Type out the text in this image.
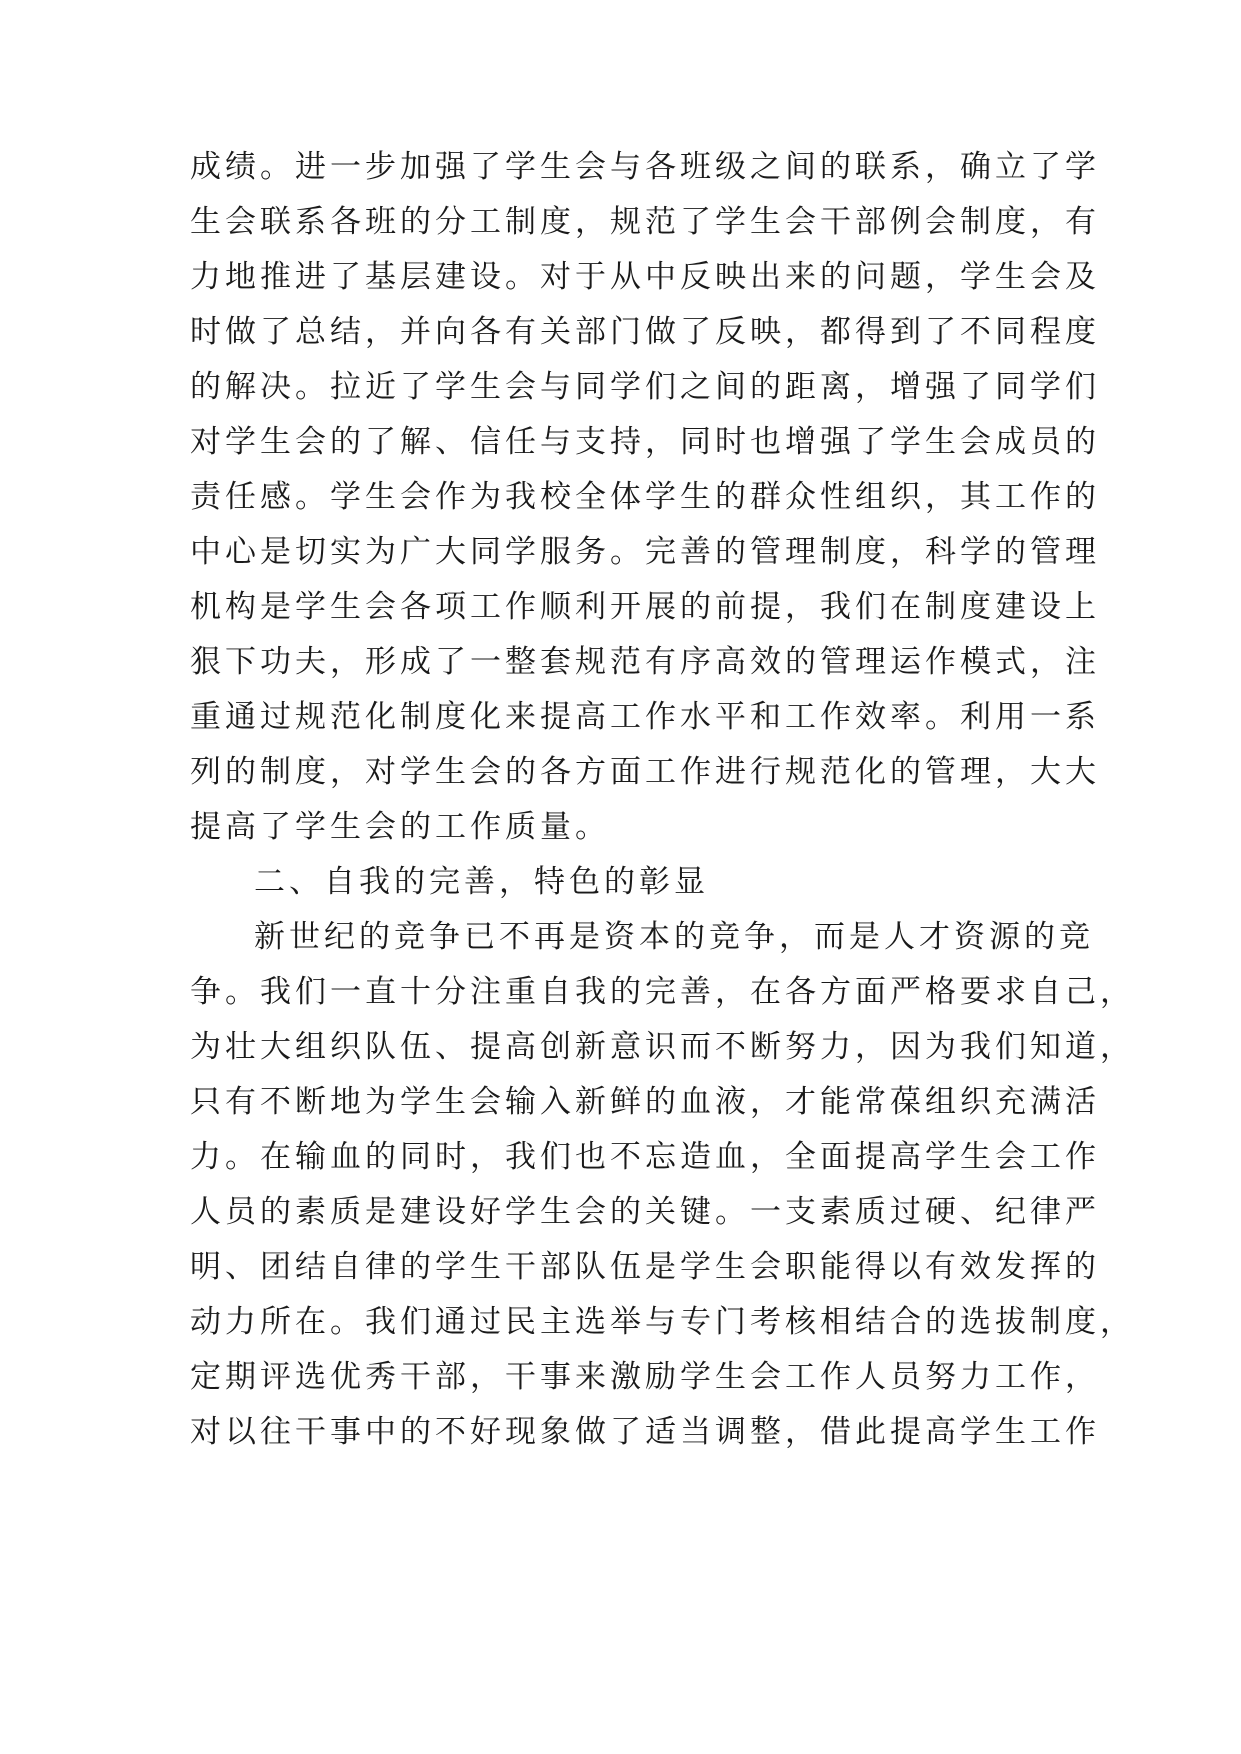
成绩。进一步加强了学生会与各班级之间的联系，确立了学
生会联系各班的分工制度，规范了学生会干部例会制度，有
力地推进了基层建设。对于从中反映出来的问题，学生会及
时做了总结，并向各有关部门做了反映，都得到了不同程度
的解决。拉近了学生会与同学们之间的距离，增强了同学们
对学生会的了解、信任与支持，同时也增强了学生会成员的
责任感。学生会作为我校全体学生的群众性组织，其工作的
中心是切实为广大同学服务。完善的管理制度，科学的管理
机构是学生会各项工作顺利开展的前提，我们在制度建设上
狠下功夫，形成了一整套规范有序高效的管理运作模式，注
重通过规范化制度化来提高工作水平和工作效率。利用一系
列的制度，对学生会的各方面工作进行规范化的管理，大大
提高了学生会的工作质量。
二、自我的完善，特色的彰显
新世纪的竞争已不再是资本的竞争，而是人才资源的竞
争。我们一直十分注重自我的完善，在各方面严格要求自己，
为壮大组织队伍、提高创新意识而不断努力，因为我们知道，
只有不断地为学生会输入新鲜的血液，才能常葆组织充满活
力。在输血的同时，我们也不忘造血，全面提高学生会工作
人员的素质是建设好学生会的关键。一支素质过硬、纪律严
明、团结自律的学生干部队伍是学生会职能得以有效发挥的
动力所在。我们通过民主选举与专门考核相结合的选拔制度，
定期评选优秀干部，干事来激励学生会工作人员努力工作，
对以往干事中的不好现象做了适当调整，借此提高学生工作
